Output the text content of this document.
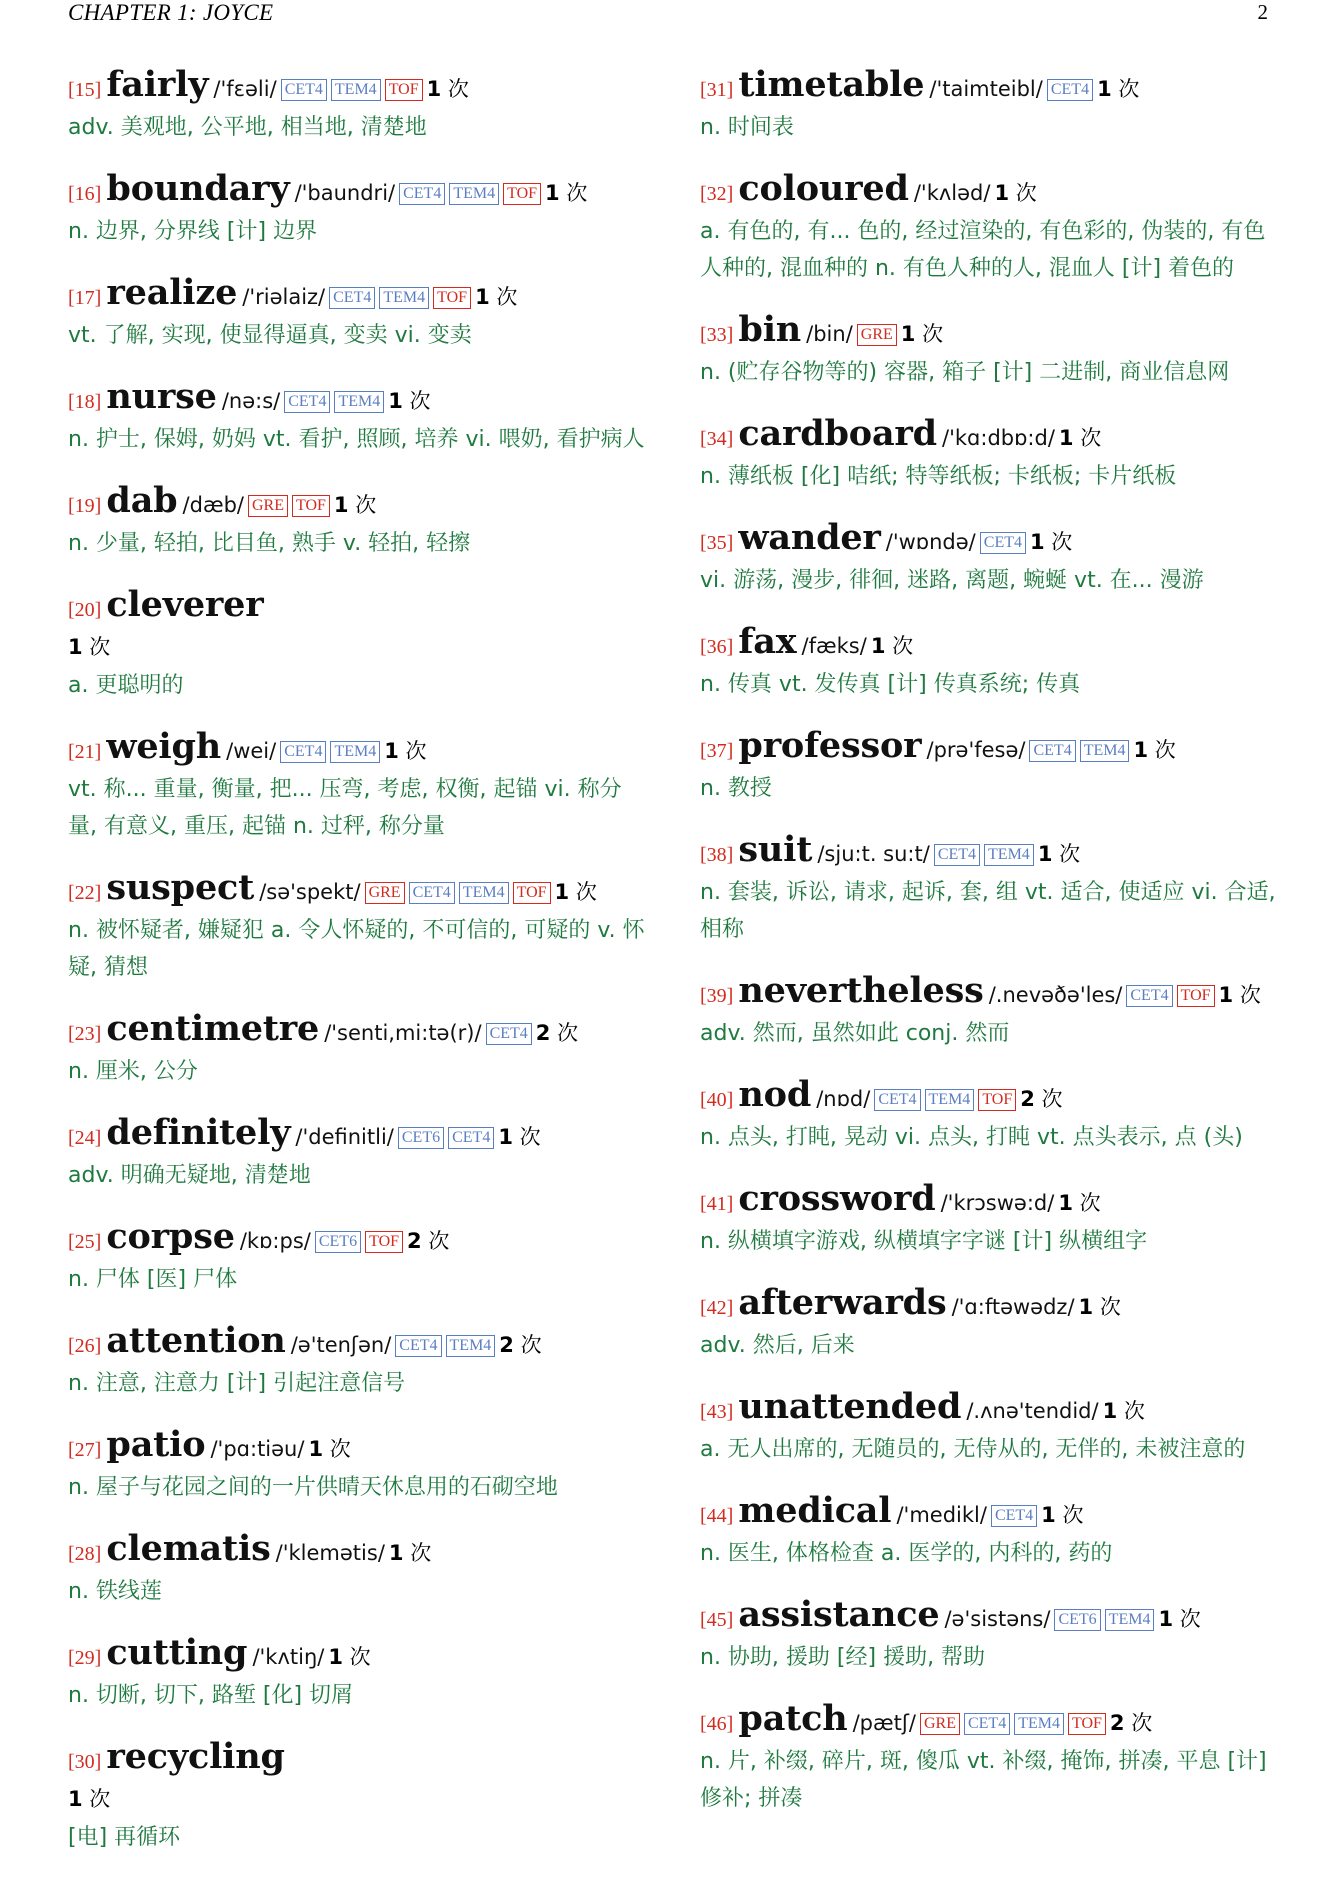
CHAPTER 1: JOYCE	2
[15] fairly /'fɛəli/ CET4 TEM4 TOF 1 次
adv. 美观地, 公平地, 相当地, 清楚地
[16] boundary /'baundri/ CET4 TEM4 TOF 1 次
n. 边界, 分界线 [计] 边界
[17] realize /'riəlaiz/ CET4 TEM4 TOF 1 次
vt. 了解, 实现, 使显得逼真, 变卖 vi. 变卖
[18] nurse /nə:s/ CET4 TEM4 1 次
n. 护士, 保姆, 奶妈 vt. 看护, 照顾, 培养 vi. 喂奶, 看护病人
[19] dab /dæb/ GRE TOF 1 次
n. 少量, 轻拍, 比目鱼, 熟手 v. 轻拍, 轻擦
[20] cleverer
1 次
a. 更聪明的
[21] weigh /wei/ CET4 TEM4 1 次
vt. 称... 重量, 衡量, 把... 压弯, 考虑, 权衡, 起锚 vi. 称分量, 有意义, 重压, 起锚 n. 过秤, 称分量
[22] suspect /sə'spekt/ GRE CET4 TEM4 TOF 1 次
n. 被怀疑者, 嫌疑犯 a. 令人怀疑的, 不可信的, 可疑的 v. 怀疑, 猜想
[23] centimetre /'senti,mi:tə(r)/ CET4 2 次
n. 厘米, 公分
[24] definitely /'definitli/ CET6 CET4 1 次
adv. 明确无疑地, 清楚地
[25] corpse /kɒ:ps/ CET6 TOF 2 次
n. 尸体 [医] 尸体
[26] attention /ə'tenʃən/ CET4 TEM4 2 次
n. 注意, 注意力 [计] 引起注意信号
[27] patio /'pɑ:tiəu/ 1 次
n. 屋子与花园之间的一片供晴天休息用的石砌空地
[28] clematis /'klemətis/ 1 次
n. 铁线莲
[29] cutting /'kʌtiŋ/ 1 次
n. 切断, 切下, 路堑 [化] 切屑
[30] recycling
1 次
[电] 再循环
[31] timetable /'taimteibl/ CET4 1 次
n. 时间表
[32] coloured /'kʌləd/ 1 次
a. 有色的, 有... 色的, 经过渲染的, 有色彩的, 伪装的, 有色人种的, 混血种的 n. 有色人种的人, 混血人 [计] 着色的
[33] bin /bin/ GRE 1 次
n. (贮存谷物等的) 容器, 箱子 [计] 二进制, 商业信息网
[34] cardboard /'kɑ:dbɒ:d/ 1 次
n. 薄纸板 [化] 咭纸; 特等纸板; 卡纸板; 卡片纸板
[35] wander /'wɒndə/ CET4 1 次
vi. 游荡, 漫步, 徘徊, 迷路, 离题, 蜿蜒 vt. 在... 漫游
[36] fax /fæks/ 1 次
n. 传真 vt. 发传真 [计] 传真系统; 传真
[37] professor /prə'fesə/ CET4 TEM4 1 次
n. 教授
[38] suit /sju:t. su:t/ CET4 TEM4 1 次
n. 套装, 诉讼, 请求, 起诉, 套, 组 vt. 适合, 使适应 vi. 合适, 相称
[39] nevertheless /.nevəðə'les/ CET4 TOF 1 次
adv. 然而, 虽然如此 conj. 然而
[40] nod /nɒd/ CET4 TEM4 TOF 2 次
n. 点头, 打盹, 晃动 vi. 点头, 打盹 vt. 点头表示, 点 (头)
[41] crossword /'krɔswə:d/ 1 次
n. 纵横填字游戏, 纵横填字字谜 [计] 纵横组字
[42] afterwards /'ɑ:ftəwədz/ 1 次
adv. 然后, 后来
[43] unattended /.ʌnə'tendid/ 1 次
a. 无人出席的, 无随员的, 无侍从的, 无伴的, 未被注意的
[44] medical /'medikl/ CET4 1 次
n. 医生, 体格检查 a. 医学的, 内科的, 药的
[45] assistance /ə'sistəns/ CET6 TEM4 1 次
n. 协助, 援助 [经] 援助, 帮助
[46] patch /pætʃ/ GRE CET4 TEM4 TOF 2 次
n. 片, 补缀, 碎片, 斑, 傻瓜 vt. 补缀, 掩饰, 拼凑, 平息 [计] 修补; 拼凑
